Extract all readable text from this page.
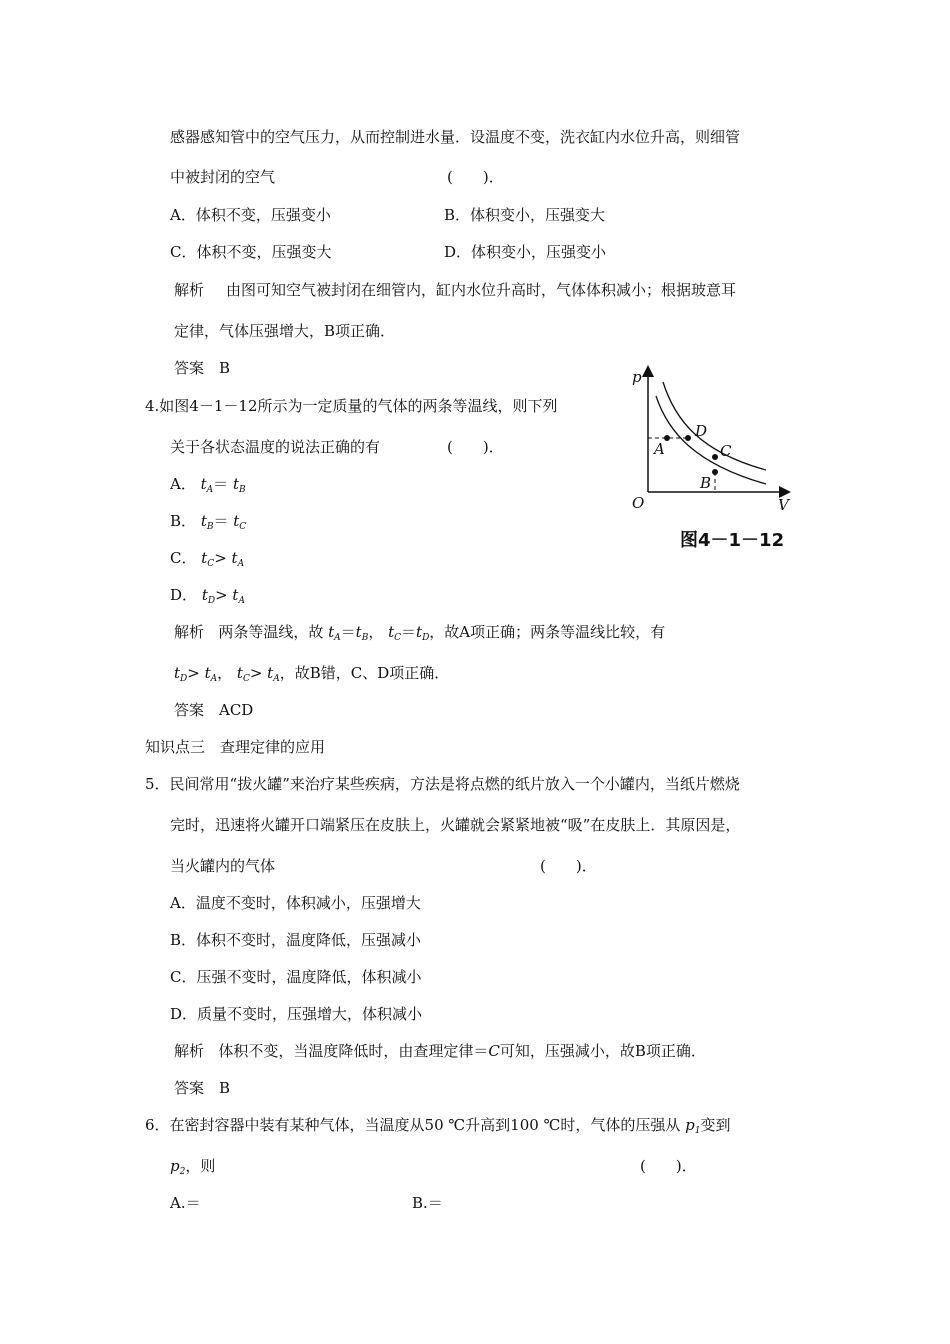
感器感知管中的空气压力，从而控制进水量．设温度不变，洗衣缸内水位升高，则细管
中被封闭的空气	(　　)．
A．体积不变，压强变小	B．体积变小，压强变大
C．体积不变，压强变大	D．体积变小，压强变小
解析 由图可知空气被封闭在细管内，缸内水位升高时，气体体积减小；根据玻意耳
定律，气体压强增大，B项正确．
答案 B
4.如图4－1－12所示为一定质量的气体的两条等温线，则下列
关于各状态温度的说法正确的有	(　　)．
A． $t_A= t_B$
B． $t_B= t_C$
C． $t_C> t_A$
D． $t_D> t_A$
解析 两条等温线，故 $t_A=t_B$， $t_C=t_D$，故A项正确；两条等温线比较，有
$t_D> t_A$， $t_C> t_A$，故B错，C、D项正确．
答案 ACD
p
V
O
A
B
C
D
图4－1－12
知识点三　查理定律的应用
5．民间常用“拔火罐”来治疗某些疾病，方法是将点燃的纸片放入一个小罐内，当纸片燃烧
完时，迅速将火罐开口端紧压在皮肤上，火罐就会紧紧地被“吸”在皮肤上．其原因是，
当火罐内的气体	(　　)．
A．温度不变时，体积减小，压强增大
B．体积不变时，温度降低，压强减小
C．压强不变时，温度降低，体积减小
D．质量不变时，压强增大，体积减小
解析 体积不变，当温度降低时，由查理定律＝C可知，压强减小，故B项正确．
答案 B
6．在密封容器中装有某种气体，当温度从50 ℃升高到100 ℃时，气体的压强从 $p_1$变到
$p_2$，则	(　　)．
A.＝	B.＝
